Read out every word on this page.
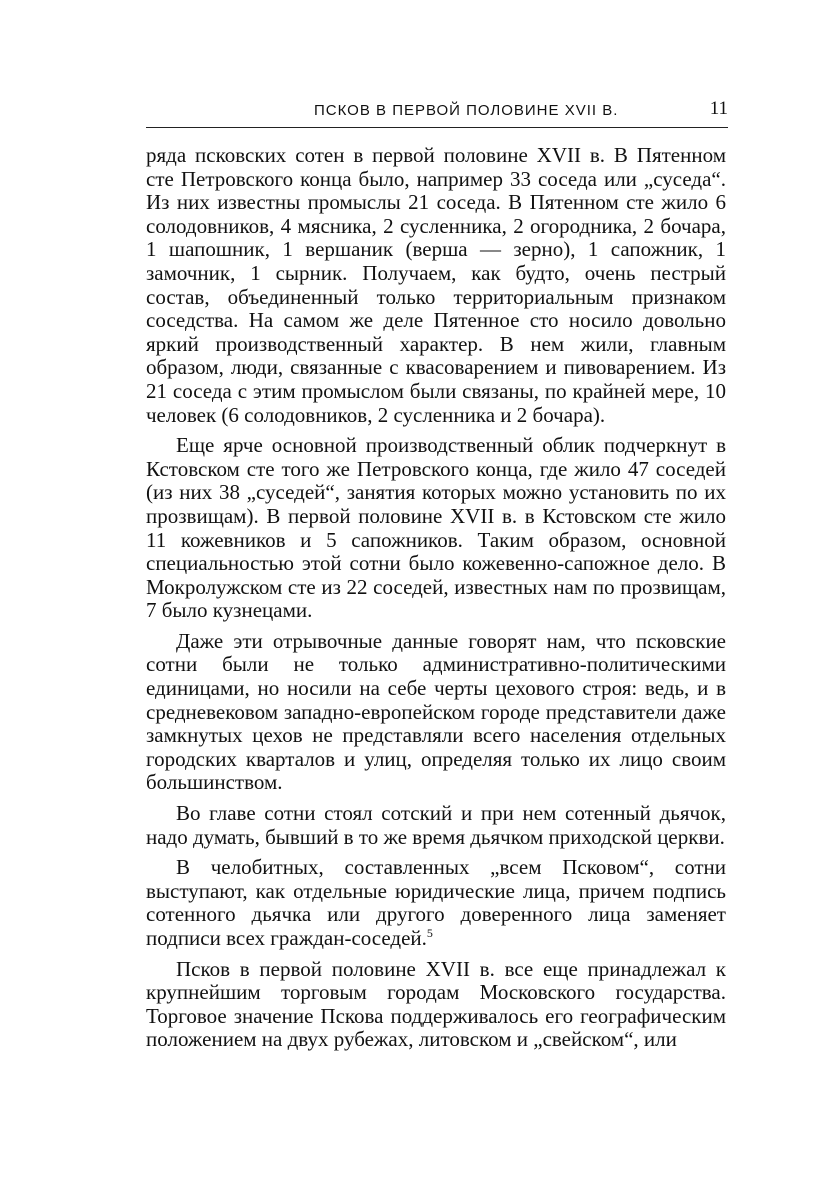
ПСКОВ В ПЕРВОЙ ПОЛОВИНЕ XVII В.	11

ряда псковских сотен в первой половине XVII в. В Пятенном сте Петровского конца было, например 33 соседа или „суседа“. Из них известны промыслы 21 соседа. В Пятенном сте жило 6 солодовников, 4 мясника, 2 сусленника, 2 огородника, 2 бочара, 1 шапошник, 1 вершаник (верша — зерно), 1 сапожник, 1 замочник, 1 сырник. Получаем, как будто, очень пестрый состав, объединенный только территориальным признаком соседства. На самом же деле Пятенное сто носило довольно яркий производственный характер. В нем жили, главным образом, люди, связанные с квасоварением и пивоварением. Из 21 соседа с этим промыслом были связаны, по крайней мере, 10 человек (6 солодовников, 2 сусленника и 2 бочара).

Еще ярче основной производственный облик подчеркнут в Кстовском сте того же Петровского конца, где жило 47 соседей (из них 38 „суседей“, занятия которых можно установить по их прозвищам). В первой половине XVII в. в Кстовском сте жило 11 кожевников и 5 сапожников. Таким образом, основной специальностью этой сотни было кожевенно-сапожное дело. В Мокролужском сте из 22 соседей, известных нам по прозвищам, 7 было кузнецами.

Даже эти отрывочные данные говорят нам, что псковские сотни были не только административно-политическими единицами, но носили на себе черты цехового строя: ведь, и в средневековом западно-европейском городе представители даже замкнутых цехов не представляли всего населения отдельных городских кварталов и улиц, определяя только их лицо своим большинством.

Во главе сотни стоял сотский и при нем сотенный дьячок, надо думать, бывший в то же время дьячком приходской церкви.

В челобитных, составленных „всем Псковом“, сотни выступают, как отдельные юридические лица, причем подпись сотенного дьячка или другого доверенного лица заменяет подписи всех граждан-соседей.$^5$

Псков в первой половине XVII в. все еще принадлежал к крупнейшим торговым городам Московского государства. Торговое значение Пскова поддерживалось его географическим положением на двух рубежах, литовском и „свейском“, или
